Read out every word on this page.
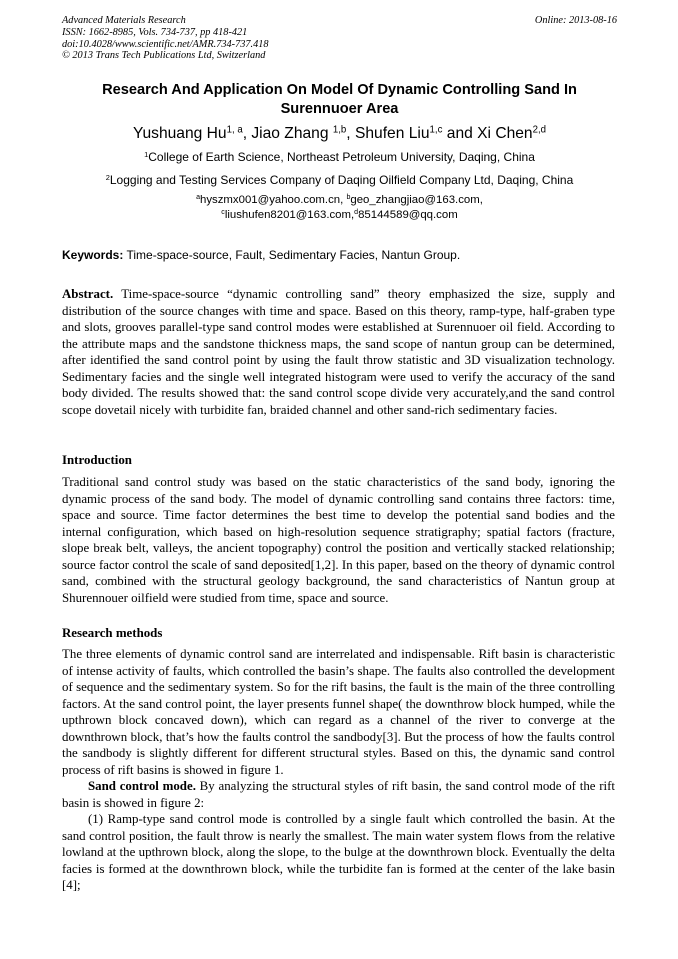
Advanced Materials Research
ISSN: 1662-8985, Vols. 734-737, pp 418-421
doi:10.4028/www.scientific.net/AMR.734-737.418
© 2013 Trans Tech Publications Ltd, Switzerland
Online: 2013-08-16
Research And Application On Model Of Dynamic Controlling Sand In Surennuoer Area
Yushuang Hu$^{1, a}$, Jiao Zhang $^{1,b}$, Shufen Liu$^{1,c}$ and Xi Chen$^{2,d}$
$^1$College of Earth Science, Northeast Petroleum University, Daqing, China
$^2$Logging and Testing Services Company of Daqing Oilfield Company Ltd, Daqing, China
$^a$hyszmx001@yahoo.com.cn, $^b$geo_zhangjiao@163.com,
$^c$liushufen8201@163.com,$^d$85144589@qq.com
Keywords: Time-space-source, Fault, Sedimentary Facies, Nantun Group.

Abstract. Time-space-source “dynamic controlling sand” theory emphasized the size, supply and distribution of the source changes with time and space. Based on this theory, ramp-type, half-graben type and slots, grooves parallel-type sand control modes were established at Surennuoer oil field. According to the attribute maps and the sandstone thickness maps, the sand scope of nantun group can be determined, after identified the sand control point by using the fault throw statistic and 3D visualization technology. Sedimentary facies and the single well integrated histogram were used to verify the accuracy of the sand body divided. The results showed that: the sand control scope divide very accurately,and the sand control scope dovetail nicely with turbidite fan, braided channel and other sand-rich sedimentary facies.

Introduction

Traditional sand control study was based on the static characteristics of the sand body, ignoring the dynamic process of the sand body. The model of dynamic controlling sand contains three factors: time, space and source. Time factor determines the best time to develop the potential sand bodies and the internal configuration, which based on high-resolution sequence stratigraphy; spatial factors (fracture, slope break belt, valleys, the ancient topography) control the position and vertically stacked relationship; source factor control the scale of sand deposited[1,2]. In this paper, based on the theory of dynamic control sand, combined with the structural geology background, the sand characteristics of Nantun group at Shurennouer oilfield were studied from time, space and source.

Research methods

The three elements of dynamic control sand are interrelated and indispensable. Rift basin is characteristic of intense activity of faults, which controlled the basin’s shape. The faults also controlled the development of sequence and the sedimentary system. So for the rift basins, the fault is the main of the three controlling factors. At the sand control point, the layer presents funnel shape( the downthrow block humped, while the upthrown block concaved down), which can regard as a channel of the river to converge at the downthrown block, that’s how the faults control the sandbody[3]. But the process of how the faults control the sandbody is slightly different for different structural styles. Based on this, the dynamic sand control process of rift basins is showed in figure 1.

Sand control mode. By analyzing the structural styles of rift basin, the sand control mode of the rift basin is showed in figure 2:

(1) Ramp-type sand control mode is controlled by a single fault which controlled the basin. At the sand control position, the fault throw is nearly the smallest. The main water system flows from the relative lowland at the upthrown block, along the slope, to the bulge at the downthrown block. Eventually the delta facies is formed at the downthrown block, while the turbidite fan is formed at the center of the lake basin [4];
